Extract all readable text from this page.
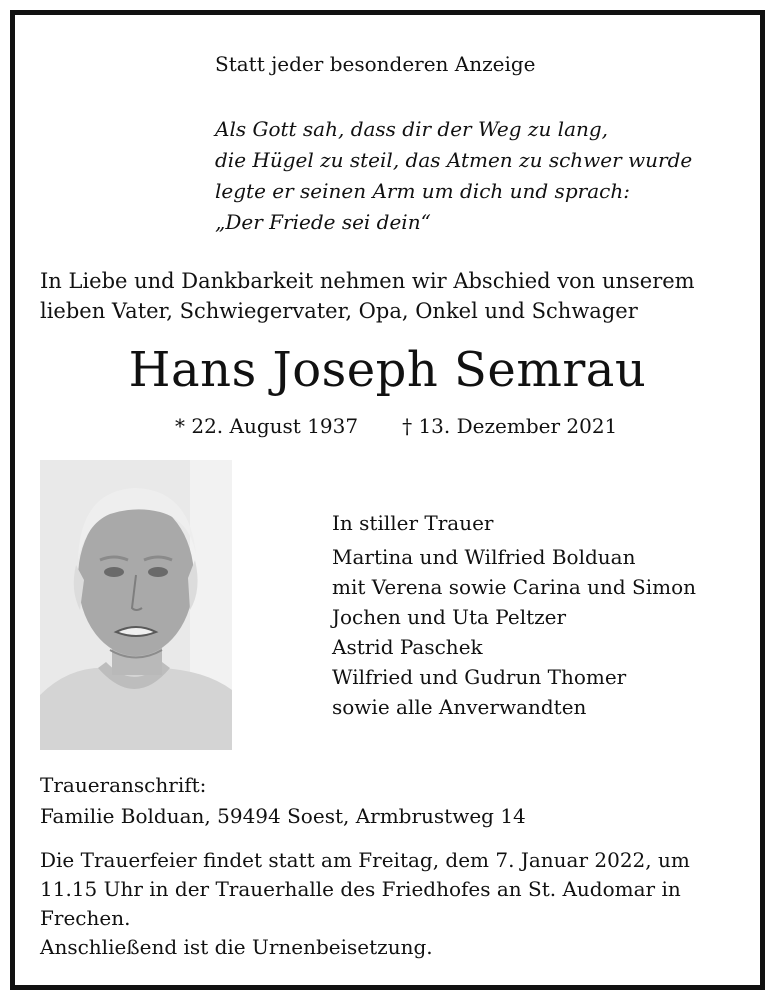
Statt jeder besonderen Anzeige

Als Gott sah, dass dir der Weg zu lang,
die Hügel zu steil, das Atmen zu schwer wurde
legte er seinen Arm um dich und sprach:
„Der Friede sei dein“
In Liebe und Dankbarkeit nehmen wir Abschied von unserem
lieben Vater, Schwiegervater, Opa, Onkel und Schwager
Hans Joseph Semrau

* 22. August 1937 † 13. Dezember 2021

In stiller Trauer
Martina und Wilfried Bolduan
mit Verena sowie Carina und Simon
Jochen und Uta Peltzer
Astrid Paschek
Wilfried und Gudrun Thomer
sowie alle Anverwandten
Traueranschrift:
Familie Bolduan, 59494 Soest, Armbrustweg 14
Die Trauerfeier findet statt am Freitag, dem 7. Januar 2022, um
11.15 Uhr in der Trauerhalle des Friedhofes an St. Audomar in
Frechen.
Anschließend ist die Urnenbeisetzung.
